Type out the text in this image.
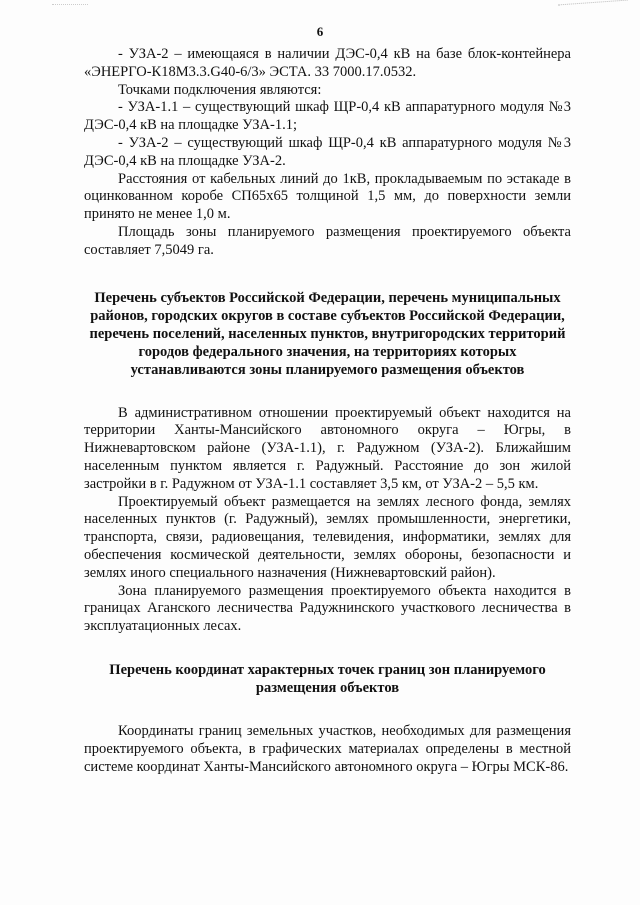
6

- УЗА-2 – имеющаяся в наличии ДЭС-0,4 кВ на базе блок-контейнера «ЭНЕРГО-К18М3.3.G40-6/3» ЭСТА. 33 7000.17.0532.

Точками подключения являются:

- УЗА-1.1 – существующий шкаф ЩР-0,4 кВ аппаратурного модуля №3 ДЭС-0,4 кВ на площадке УЗА-1.1;

- УЗА-2 – существующий шкаф ЩР-0,4 кВ аппаратурного модуля №3 ДЭС-0,4 кВ на площадке УЗА-2.

Расстояния от кабельных линий до 1кВ, прокладываемым по эстакаде в оцинкованном коробе СП65х65 толщиной 1,5 мм, до поверхности земли принято не менее 1,0 м.

Площадь зоны планируемого размещения проектируемого объекта составляет 7,5049 га.

Перечень субъектов Российской Федерации, перечень муниципальных районов, городских округов в составе субъектов Российской Федерации, перечень поселений, населенных пунктов, внутригородских территорий городов федерального значения, на территориях которых устанавливаются зоны планируемого размещения объектов

В административном отношении проектируемый объект находится на территории Ханты-Мансийского автономного округа – Югры, в Нижневартовском районе (УЗА-1.1), г. Радужном (УЗА-2). Ближайшим населенным пунктом является г. Радужный. Расстояние до зон жилой застройки в г. Радужном от УЗА-1.1 составляет 3,5 км, от УЗА-2 – 5,5 км.

Проектируемый объект размещается на землях лесного фонда, землях населенных пунктов (г. Радужный), землях промышленности, энергетики, транспорта, связи, радиовещания, телевидения, информатики, землях для обеспечения космической деятельности, землях обороны, безопасности и землях иного специального назначения (Нижневартовский район).

Зона планируемого размещения проектируемого объекта находится в границах Аганского лесничества Радужнинского участкового лесничества в эксплуатационных лесах.

Перечень координат характерных точек границ зон планируемого размещения объектов

Координаты границ земельных участков, необходимых для размещения проектируемого объекта, в графических материалах определены в местной системе координат Ханты-Мансийского автономного округа – Югры МСК-86.
